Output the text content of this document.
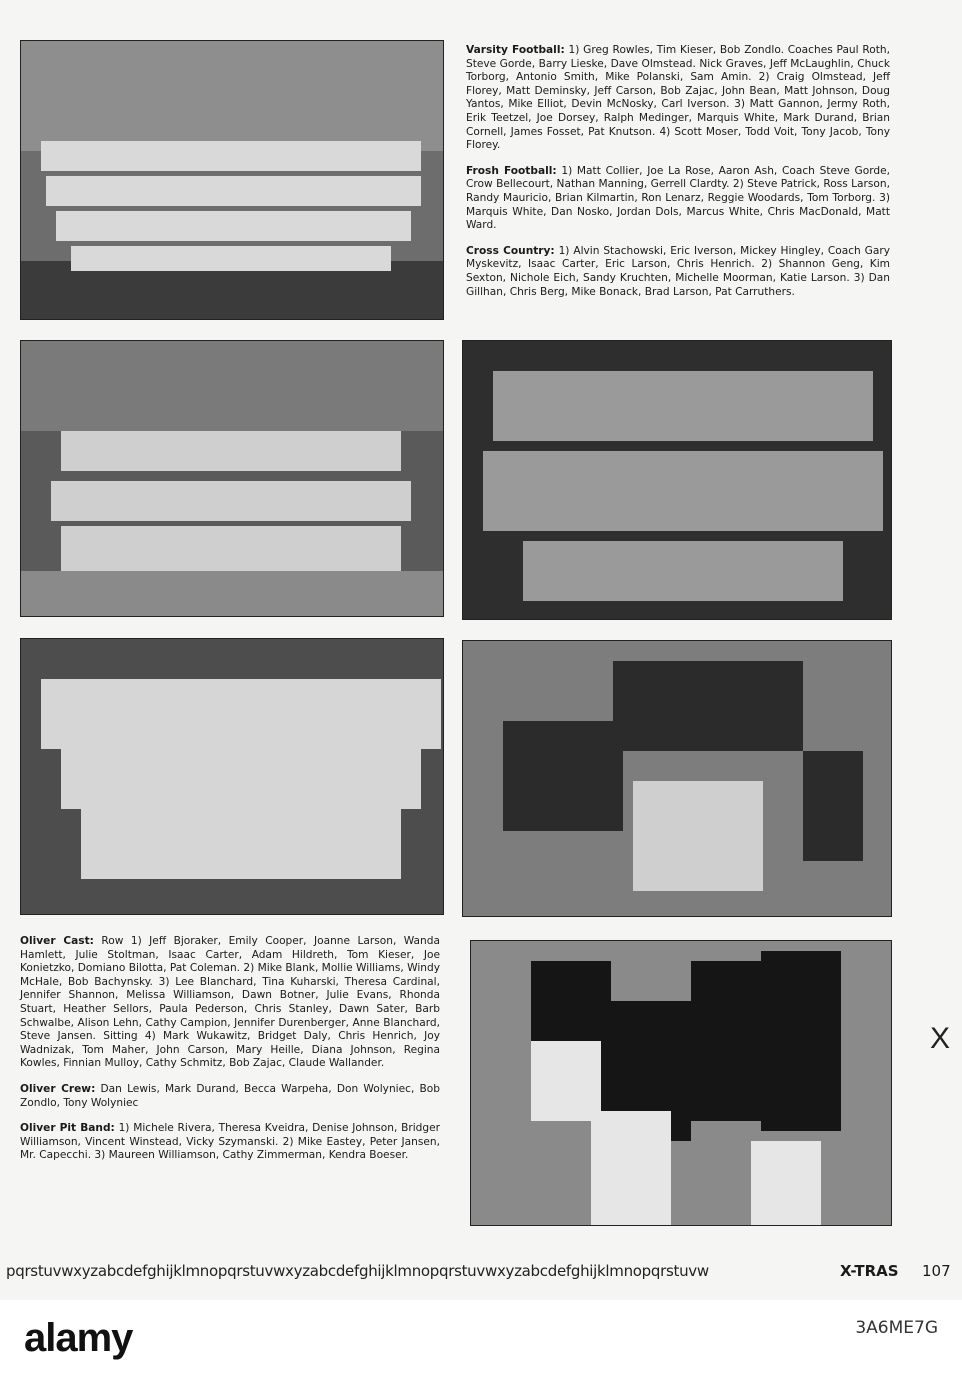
Varsity Football: 1) Greg Rowles, Tim Kieser, Bob Zondlo. Coaches Paul Roth, Steve Gorde, Barry Lieske, Dave Olmstead. Nick Graves, Jeff McLaughlin, Chuck Torborg, Antonio Smith, Mike Polanski, Sam Amin. 2) Craig Olmstead, Jeff Florey, Matt Deminsky, Jeff Carson, Bob Zajac, John Bean, Matt Johnson, Doug Yantos, Mike Elliot, Devin McNosky, Carl Iverson. 3) Matt Gannon, Jermy Roth, Erik Teetzel, Joe Dorsey, Ralph Medinger, Marquis White, Mark Durand, Brian Cornell, James Fosset, Pat Knutson. 4) Scott Moser, Todd Voit, Tony Jacob, Tony Florey.

Frosh Football: 1) Matt Collier, Joe La Rose, Aaron Ash, Coach Steve Gorde, Crow Bellecourt, Nathan Manning, Gerrell Clardty. 2) Steve Patrick, Ross Larson, Randy Mauricio, Brian Kilmartin, Ron Lenarz, Reggie Woodards, Tom Torborg. 3) Marquis White, Dan Nosko, Jordan Dols, Marcus White, Chris MacDonald, Matt Ward.

Cross Country: 1) Alvin Stachowski, Eric Iverson, Mickey Hingley, Coach Gary Myskevitz, Isaac Carter, Eric Larson, Chris Henrich. 2) Shannon Geng, Kim Sexton, Nichole Eich, Sandy Kruchten, Michelle Moorman, Katie Larson. 3) Dan Gillhan, Chris Berg, Mike Bonack, Brad Larson, Pat Carruthers.

Oliver Cast: Row 1) Jeff Bjoraker, Emily Cooper, Joanne Larson, Wanda Hamlett, Julie Stoltman, Isaac Carter, Adam Hildreth, Tom Kieser, Joe Konietzko, Domiano Bilotta, Pat Coleman. 2) Mike Blank, Mollie Williams, Windy McHale, Bob Bachynsky. 3) Lee Blanchard, Tina Kuharski, Theresa Cardinal, Jennifer Shannon, Melissa Williamson, Dawn Botner, Julie Evans, Rhonda Stuart, Heather Sellors, Paula Pederson, Chris Stanley, Dawn Sater, Barb Schwalbe, Alison Lehn, Cathy Campion, Jennifer Durenberger, Anne Blanchard, Steve Jansen. Sitting 4) Mark Wukawitz, Bridget Daly, Chris Henrich, Joy Wadnizak, Tom Maher, John Carson, Mary Heille, Diana Johnson, Regina Kowles, Finnian Mulloy, Cathy Schmitz, Bob Zajac, Claude Wallander.

Oliver Crew: Dan Lewis, Mark Durand, Becca Warpeha, Don Wolyniec, Bob Zondlo, Tony Wolyniec

Oliver Pit Band: 1) Michele Rivera, Theresa Kveidra, Denise Johnson, Bridger Williamson, Vincent Winstead, Vicky Szymanski. 2) Mike Eastey, Peter Jansen, Mr. Capecchi. 3) Maureen Williamson, Cathy Zimmerman, Kendra Boeser.

X
pqrstuvwxyzabcdefghijklmnopqrstuvwxyzabcdefghijklmnopqrstuvwxyzabcdefghijklmnopqrstuvw	X-TRAS 107
alamy	3A6ME7G
